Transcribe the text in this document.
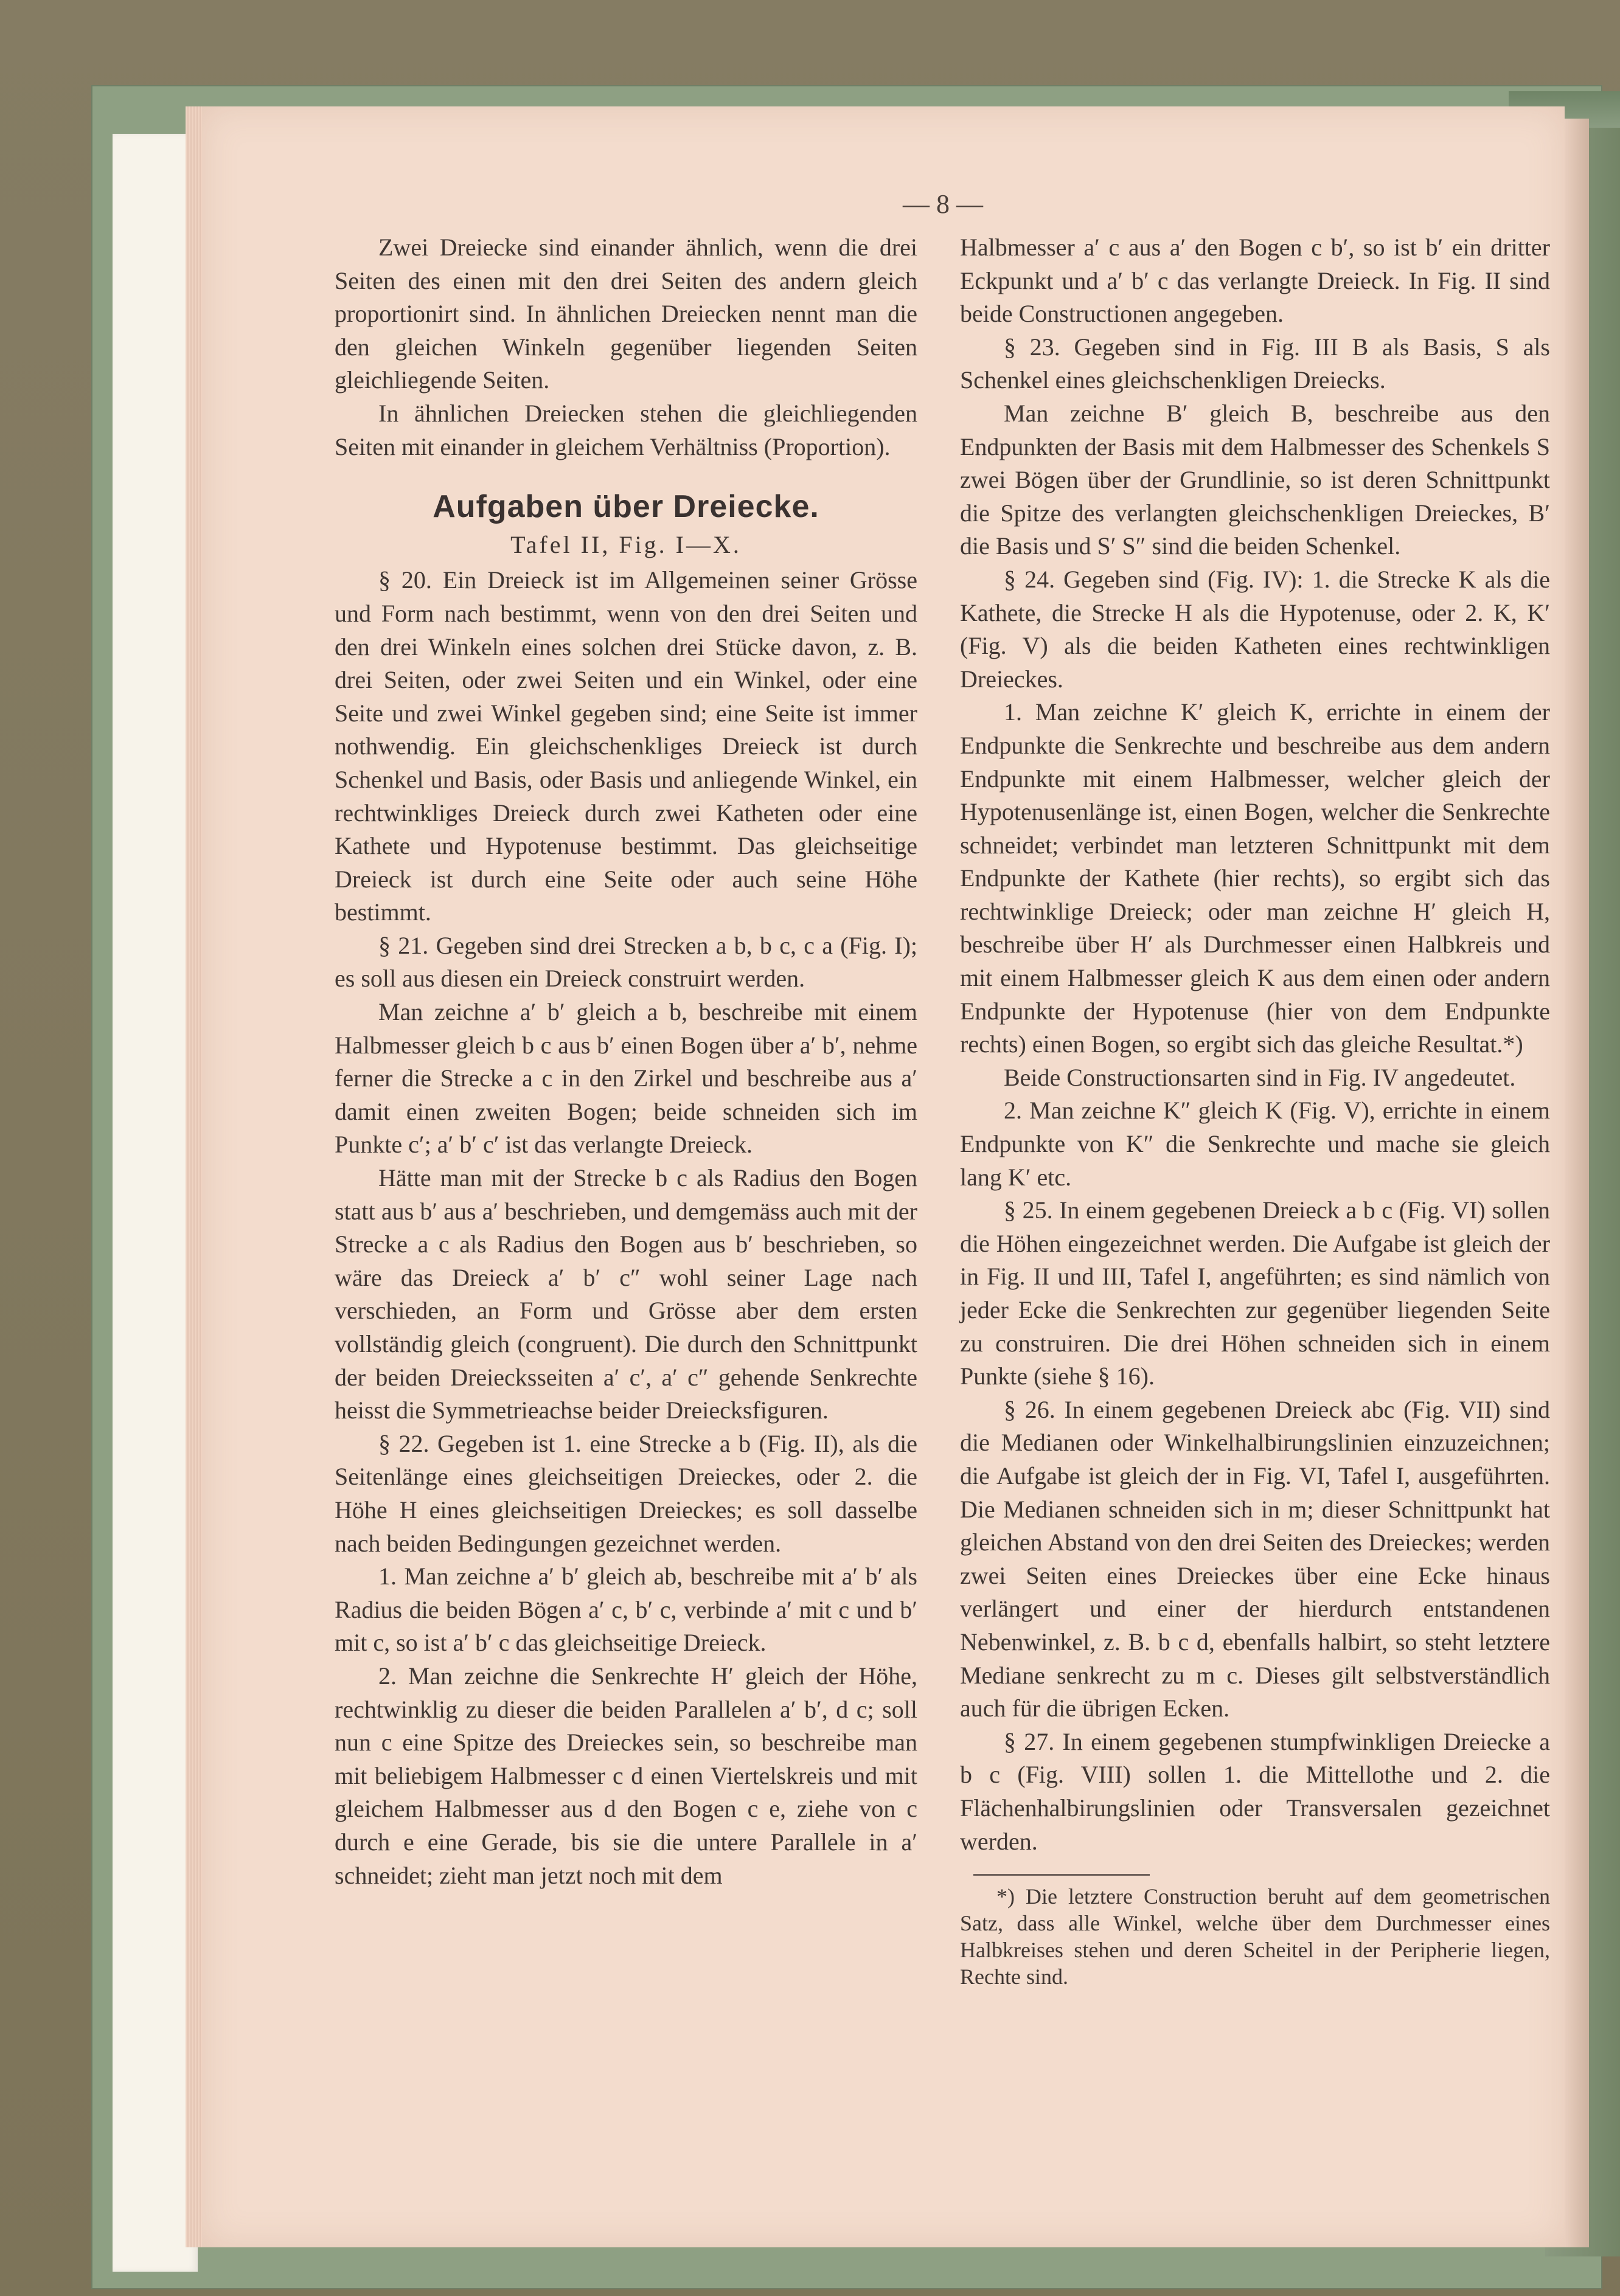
— 8 —

Zwei Dreiecke sind einander ähnlich, wenn die drei Seiten des einen mit den drei Seiten des andern gleich proportionirt sind. In ähnlichen Dreiecken nennt man die den gleichen Winkeln gegenüber liegenden Seiten gleichliegende Seiten.

In ähnlichen Dreiecken stehen die gleichliegenden Seiten mit einander in gleichem Verhältniss (Proportion).

Aufgaben über Dreiecke.
Tafel II, Fig. I—X.

§ 20. Ein Dreieck ist im Allgemeinen seiner Grösse und Form nach bestimmt, wenn von den drei Seiten und den drei Winkeln eines solchen drei Stücke davon, z. B. drei Seiten, oder zwei Seiten und ein Winkel, oder eine Seite und zwei Winkel gegeben sind; eine Seite ist immer nothwendig. Ein gleichschenkliges Dreieck ist durch Schenkel und Basis, oder Basis und anliegende Winkel, ein rechtwinkliges Dreieck durch zwei Katheten oder eine Kathete und Hypotenuse bestimmt. Das gleichseitige Dreieck ist durch eine Seite oder auch seine Höhe bestimmt.

§ 21. Gegeben sind drei Strecken a b, b c, c a (Fig. I); es soll aus diesen ein Dreieck construirt werden.

Man zeichne a′ b′ gleich a b, beschreibe mit einem Halbmesser gleich b c aus b′ einen Bogen über a′ b′, nehme ferner die Strecke a c in den Zirkel und beschreibe aus a′ damit einen zweiten Bogen; beide schneiden sich im Punkte c′; a′ b′ c′ ist das verlangte Dreieck.

Hätte man mit der Strecke b c als Radius den Bogen statt aus b′ aus a′ beschrieben, und demgemäss auch mit der Strecke a c als Radius den Bogen aus b′ beschrieben, so wäre das Dreieck a′ b′ c″ wohl seiner Lage nach verschieden, an Form und Grösse aber dem ersten vollständig gleich (congruent). Die durch den Schnittpunkt der beiden Dreiecksseiten a′ c′, a′ c″ gehende Senkrechte heisst die Symmetrieachse beider Dreiecksfiguren.

§ 22. Gegeben ist 1. eine Strecke a b (Fig. II), als die Seitenlänge eines gleichseitigen Dreieckes, oder 2. die Höhe H eines gleichseitigen Dreieckes; es soll dasselbe nach beiden Bedingungen gezeichnet werden.

1. Man zeichne a′ b′ gleich ab, beschreibe mit a′ b′ als Radius die beiden Bögen a′ c, b′ c, verbinde a′ mit c und b′ mit c, so ist a′ b′ c das gleichseitige Dreieck.

2. Man zeichne die Senkrechte H′ gleich der Höhe, rechtwinklig zu dieser die beiden Parallelen a′ b′, d c; soll nun c eine Spitze des Dreieckes sein, so beschreibe man mit beliebigem Halbmesser c d einen Viertelskreis und mit gleichem Halbmesser aus d den Bogen c e, ziehe von c durch e eine Gerade, bis sie die untere Parallele in a′ schneidet; zieht man jetzt noch mit dem

Halbmesser a′ c aus a′ den Bogen c b′, so ist b′ ein dritter Eckpunkt und a′ b′ c das verlangte Dreieck. In Fig. II sind beide Constructionen angegeben.

§ 23. Gegeben sind in Fig. III B als Basis, S als Schenkel eines gleichschenkligen Dreiecks.

Man zeichne B′ gleich B, beschreibe aus den Endpunkten der Basis mit dem Halbmesser des Schenkels S zwei Bögen über der Grundlinie, so ist deren Schnittpunkt die Spitze des verlangten gleichschenkligen Dreieckes, B′ die Basis und S′ S″ sind die beiden Schenkel.

§ 24. Gegeben sind (Fig. IV): 1. die Strecke K als die Kathete, die Strecke H als die Hypotenuse, oder 2. K, K′ (Fig. V) als die beiden Katheten eines rechtwinkligen Dreieckes.

1. Man zeichne K′ gleich K, errichte in einem der Endpunkte die Senkrechte und beschreibe aus dem andern Endpunkte mit einem Halbmesser, welcher gleich der Hypotenusenlänge ist, einen Bogen, welcher die Senkrechte schneidet; verbindet man letzteren Schnittpunkt mit dem Endpunkte der Kathete (hier rechts), so ergibt sich das rechtwinklige Dreieck; oder man zeichne H′ gleich H, beschreibe über H′ als Durchmesser einen Halbkreis und mit einem Halbmesser gleich K aus dem einen oder andern Endpunkte der Hypotenuse (hier von dem Endpunkte rechts) einen Bogen, so ergibt sich das gleiche Resultat.*)

Beide Constructionsarten sind in Fig. IV angedeutet.

2. Man zeichne K″ gleich K (Fig. V), errichte in einem Endpunkte von K″ die Senkrechte und mache sie gleich lang K′ etc.

§ 25. In einem gegebenen Dreieck a b c (Fig. VI) sollen die Höhen eingezeichnet werden. Die Aufgabe ist gleich der in Fig. II und III, Tafel I, angeführten; es sind nämlich von jeder Ecke die Senkrechten zur gegenüber liegenden Seite zu construiren. Die drei Höhen schneiden sich in einem Punkte (siehe § 16).

§ 26. In einem gegebenen Dreieck abc (Fig. VII) sind die Medianen oder Winkelhalbirungslinien einzuzeichnen; die Aufgabe ist gleich der in Fig. VI, Tafel I, ausgeführten. Die Medianen schneiden sich in m; dieser Schnittpunkt hat gleichen Abstand von den drei Seiten des Dreieckes; werden zwei Seiten eines Dreieckes über eine Ecke hinaus verlängert und einer der hierdurch entstandenen Nebenwinkel, z. B. b c d, ebenfalls halbirt, so steht letztere Mediane senkrecht zu m c. Dieses gilt selbstverständlich auch für die übrigen Ecken.

§ 27. In einem gegebenen stumpfwinkligen Dreiecke a b c (Fig. VIII) sollen 1. die Mittellothe und 2. die Flächenhalbirungslinien oder Transversalen gezeichnet werden.

*) Die letztere Construction beruht auf dem geometrischen Satz, dass alle Winkel, welche über dem Durchmesser eines Halbkreises stehen und deren Scheitel in der Peripherie liegen, Rechte sind.
